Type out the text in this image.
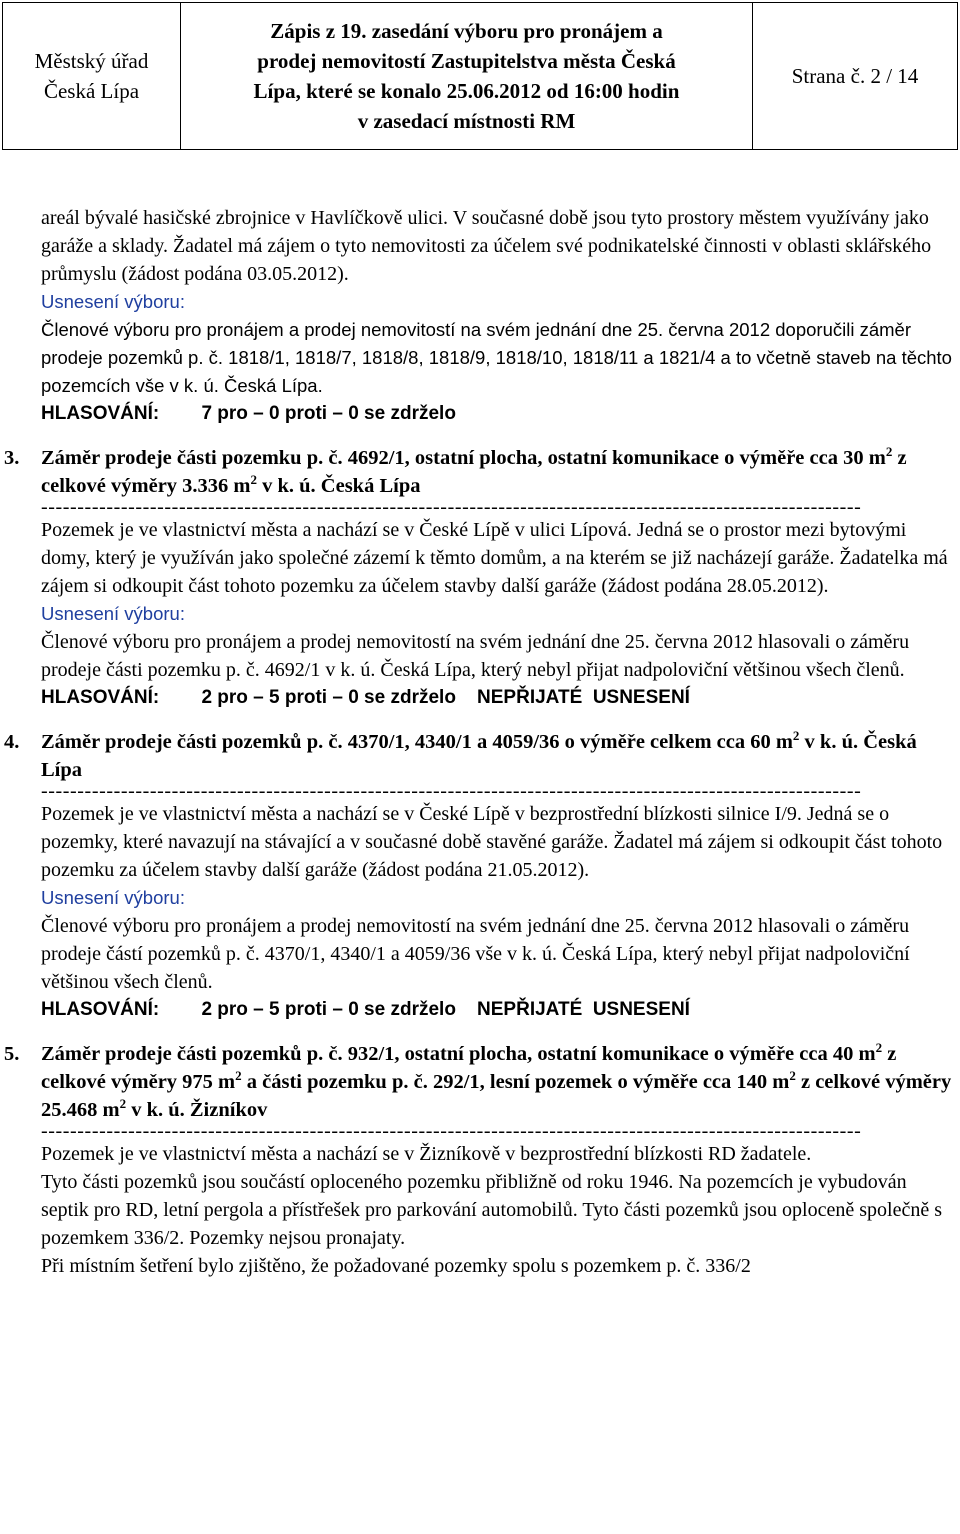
Městský úřad
Česká Lípa
Zápis z 19. zasedání výboru pro pronájem a
prodej nemovitostí Zastupitelstva města Česká
Lípa, které se konalo 25.06.2012 od 16:00 hodin
v zasedací místnosti RM
Strana č. 2 / 14

areál bývalé hasičské zbrojnice v Havlíčkově ulici. V současné době jsou tyto prostory městem využívány jako garáže a sklady. Žadatel má zájem o tyto nemovitosti za účelem své podnikatelské činnosti v oblasti sklářského průmyslu (žádost podána 03.05.2012).

Usnesení výboru:

Členové výboru pro pronájem a prodej nemovitostí na svém jednání dne 25. června 2012 doporučili záměr prodeje pozemků p. č. 1818/1, 1818/7, 1818/8, 1818/9, 1818/10, 1818/11 a 1821/4 a to včetně staveb na těchto pozemcích vše v k. ú. Česká Lípa.

HLASOVÁNÍ:        7 pro – 0 proti – 0 se zdrželo

3.	Záměr prodeje části pozemku p. č. 4692/1, ostatní plocha, ostatní komunikace o výměře cca 30 $m^2$ z celkové výměry 3.336 $m^2$ v k. ú. Česká Lípa
-----------------------------------------------------------------------------------------------------------------

Pozemek je ve vlastnictví města a nachází se v České Lípě v ulici Lípová. Jedná se o prostor mezi bytovými domy, který je využíván jako společné zázemí k těmto domům, a na kterém se již nacházejí garáže. Žadatelka má zájem si odkoupit část tohoto pozemku za účelem stavby další garáže (žádost podána 28.05.2012).

Usnesení výboru:

Členové výboru pro pronájem a prodej nemovitostí na svém jednání dne 25. června 2012 hlasovali o záměru prodeje části pozemku p. č. 4692/1 v k. ú. Česká Lípa, který nebyl přijat nadpoloviční většinou všech členů.

HLASOVÁNÍ:        2 pro – 5 proti – 0 se zdrželo    NEPŘIJATÉ  USNESENÍ

4.	Záměr prodeje části pozemků p. č. 4370/1, 4340/1 a 4059/36 o výměře celkem cca 60 $m^2$ v k. ú. Česká Lípa
-----------------------------------------------------------------------------------------------------------------

Pozemek je ve vlastnictví města a nachází se v České Lípě v bezprostřední blízkosti silnice I/9. Jedná se o pozemky, které navazují na stávající a v současné době stavěné garáže. Žadatel má zájem si odkoupit část tohoto pozemku za účelem stavby další garáže (žádost podána 21.05.2012).

Usnesení výboru:

Členové výboru pro pronájem a prodej nemovitostí na svém jednání dne 25. června 2012 hlasovali o záměru prodeje částí pozemků p. č. 4370/1, 4340/1 a 4059/36 vše v k. ú. Česká Lípa, který nebyl přijat nadpoloviční většinou všech členů.

HLASOVÁNÍ:        2 pro – 5 proti – 0 se zdrželo    NEPŘIJATÉ  USNESENÍ

5.	Záměr prodeje části pozemků p. č. 932/1, ostatní plocha, ostatní komunikace o výměře cca 40 $m^2$ z celkové výměry 975 $m^2$ a části pozemku p. č. 292/1, lesní pozemek o výměře cca 140 $m^2$ z celkové výměry 25.468 $m^2$ v k. ú. Žizníkov
-----------------------------------------------------------------------------------------------------------------

Pozemek je ve vlastnictví města a nachází se v Žizníkově v bezprostřední blízkosti RD žadatele.

Tyto části pozemků jsou součástí oploceného pozemku přibližně od roku 1946. Na pozemcích je vybudován septik pro RD, letní pergola a přístřešek pro parkování automobilů. Tyto části pozemků jsou oploceně společně s pozemkem 336/2. Pozemky nejsou pronajaty.

Při místním šetření bylo zjištěno, že požadované pozemky spolu s pozemkem p. č. 336/2
